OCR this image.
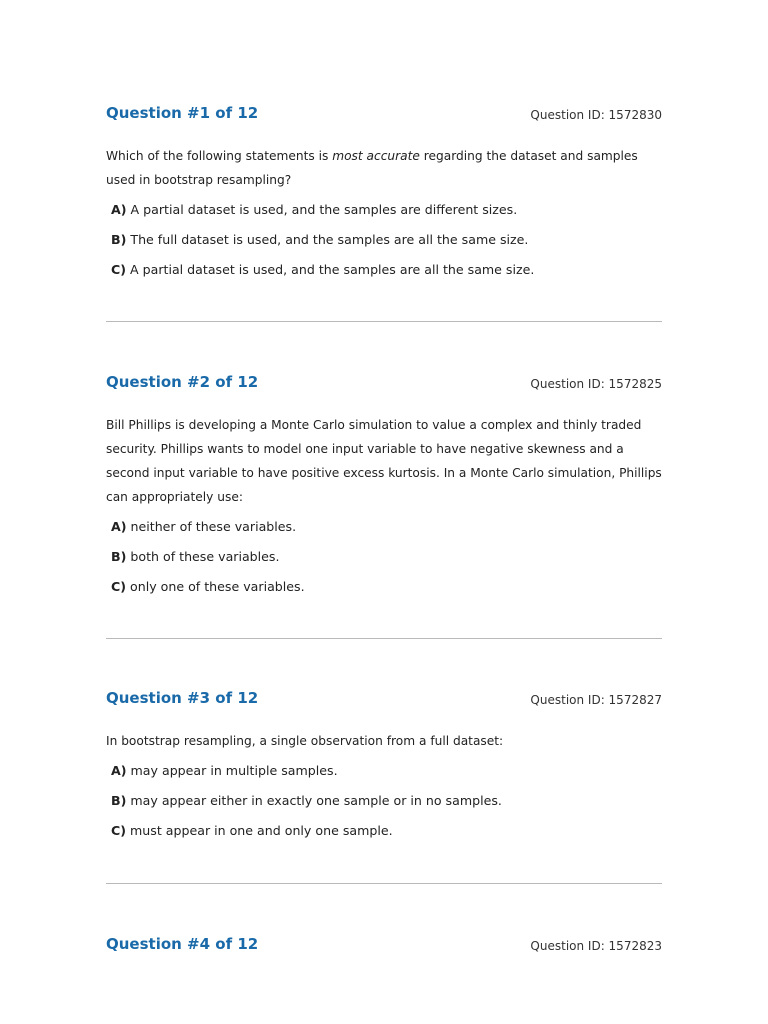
Question #1 of 12	Question ID: 1572830
Which of the following statements is most accurate regarding the dataset and samples used in bootstrap resampling?
A) A partial dataset is used, and the samples are different sizes.
B) The full dataset is used, and the samples are all the same size.
C) A partial dataset is used, and the samples are all the same size.
Question #2 of 12	Question ID: 1572825
Bill Phillips is developing a Monte Carlo simulation to value a complex and thinly traded security. Phillips wants to model one input variable to have negative skewness and a second input variable to have positive excess kurtosis. In a Monte Carlo simulation, Phillips can appropriately use:
A) neither of these variables.
B) both of these variables.
C) only one of these variables.
Question #3 of 12	Question ID: 1572827
In bootstrap resampling, a single observation from a full dataset:
A) may appear in multiple samples.
B) may appear either in exactly one sample or in no samples.
C) must appear in one and only one sample.
Question #4 of 12	Question ID: 1572823
